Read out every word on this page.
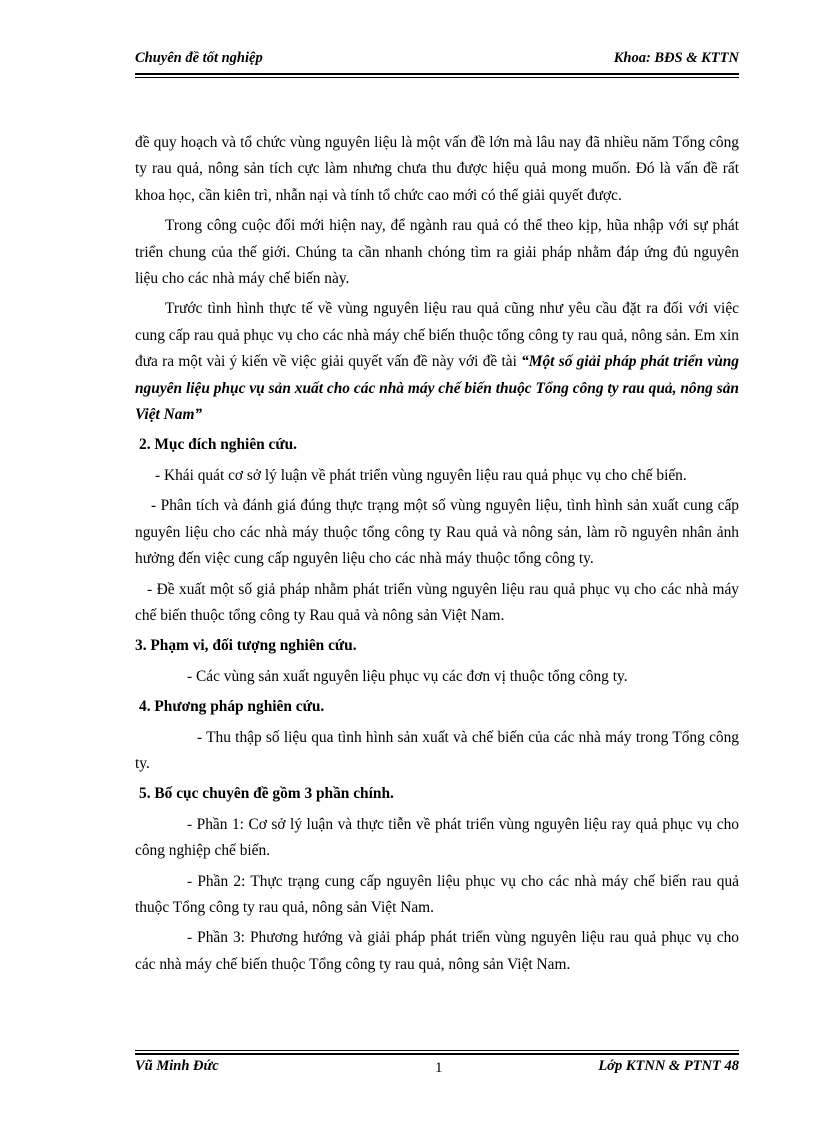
Chuyên đề tốt nghiệp	Khoa: BĐS & KTTN

đề quy hoạch và tổ chức vùng nguyên liệu là một vấn đề lớn mà lâu nay đã nhiều năm Tổng công ty rau quả, nông sản tích cực làm nhưng chưa thu được hiệu quả mong muốn. Đó là vấn đề rất khoa học, cần kiên trì, nhẫn nại và tính tổ chức cao mới có thể giải quyết được.

Trong công cuộc đổi mới hiện nay, để ngành rau quả có thể theo kịp, hũa nhập với sự phát triển chung của thế giới. Chúng ta cần nhanh chóng tìm ra giải pháp nhằm đáp ứng đủ nguyên liệu cho các nhà máy chế biến này.

Trước tình hình thực tế về vùng nguyên liệu rau quả cũng như yêu cầu đặt ra đối với việc cung cấp rau quả phục vụ cho các nhà máy chế biến thuộc tổng công ty rau quả, nông sản. Em xin đưa ra một vài ý kiến về việc giải quyết vấn đề này với đề tài “Một số giải pháp phát triển vùng nguyên liệu phục vụ sản xuất cho các nhà máy chế biến thuộc Tổng công ty rau quả, nông sản Việt Nam”

2. Mục đích nghiên cứu.

- Khái quát cơ sở lý luận về phát triển vùng nguyên liệu rau quả phục vụ cho chế biến.

- Phân tích và đánh giá đúng thực trạng một số vùng nguyên liệu, tình hình sản xuất cung cấp nguyên liệu cho các nhà máy thuộc tổng công ty Rau quả và nông sản, làm rõ nguyên nhân ảnh hưởng đến việc cung cấp nguyên liệu cho các nhà máy thuộc tổng công ty.

- Đề xuất một số giả pháp nhằm phát triển vùng nguyên liệu rau quả phục vụ cho các nhà máy chế biến thuộc tổng công ty Rau quả và nông sản Việt Nam.

3. Phạm vi, đối tượng nghiên cứu.

- Các vùng sản xuất nguyên liệu phục vụ các đơn vị thuộc tổng công ty.

4. Phương pháp nghiên cứu.

- Thu thập số liệu qua tình hình sản xuất và chế biến của các nhà máy trong Tổng công ty.

5. Bố cục chuyên đề gồm 3 phần chính.

- Phần 1: Cơ sở lý luận và thực tiễn về phát triển vùng nguyên liệu ray quả phục vụ cho công nghiệp chế biến.

- Phần 2: Thực trạng cung cấp nguyên liệu phục vụ cho các nhà máy chế biến rau quả thuộc Tổng công ty rau quả, nông sản Việt Nam.

- Phần 3: Phương hướng và giải pháp phát triển vùng nguyên liệu rau quả phục vụ cho các nhà máy chế biến thuộc Tổng công ty rau quả, nông sản Việt Nam.

Vũ Minh Đức	1	Lớp KTNN & PTNT 48
